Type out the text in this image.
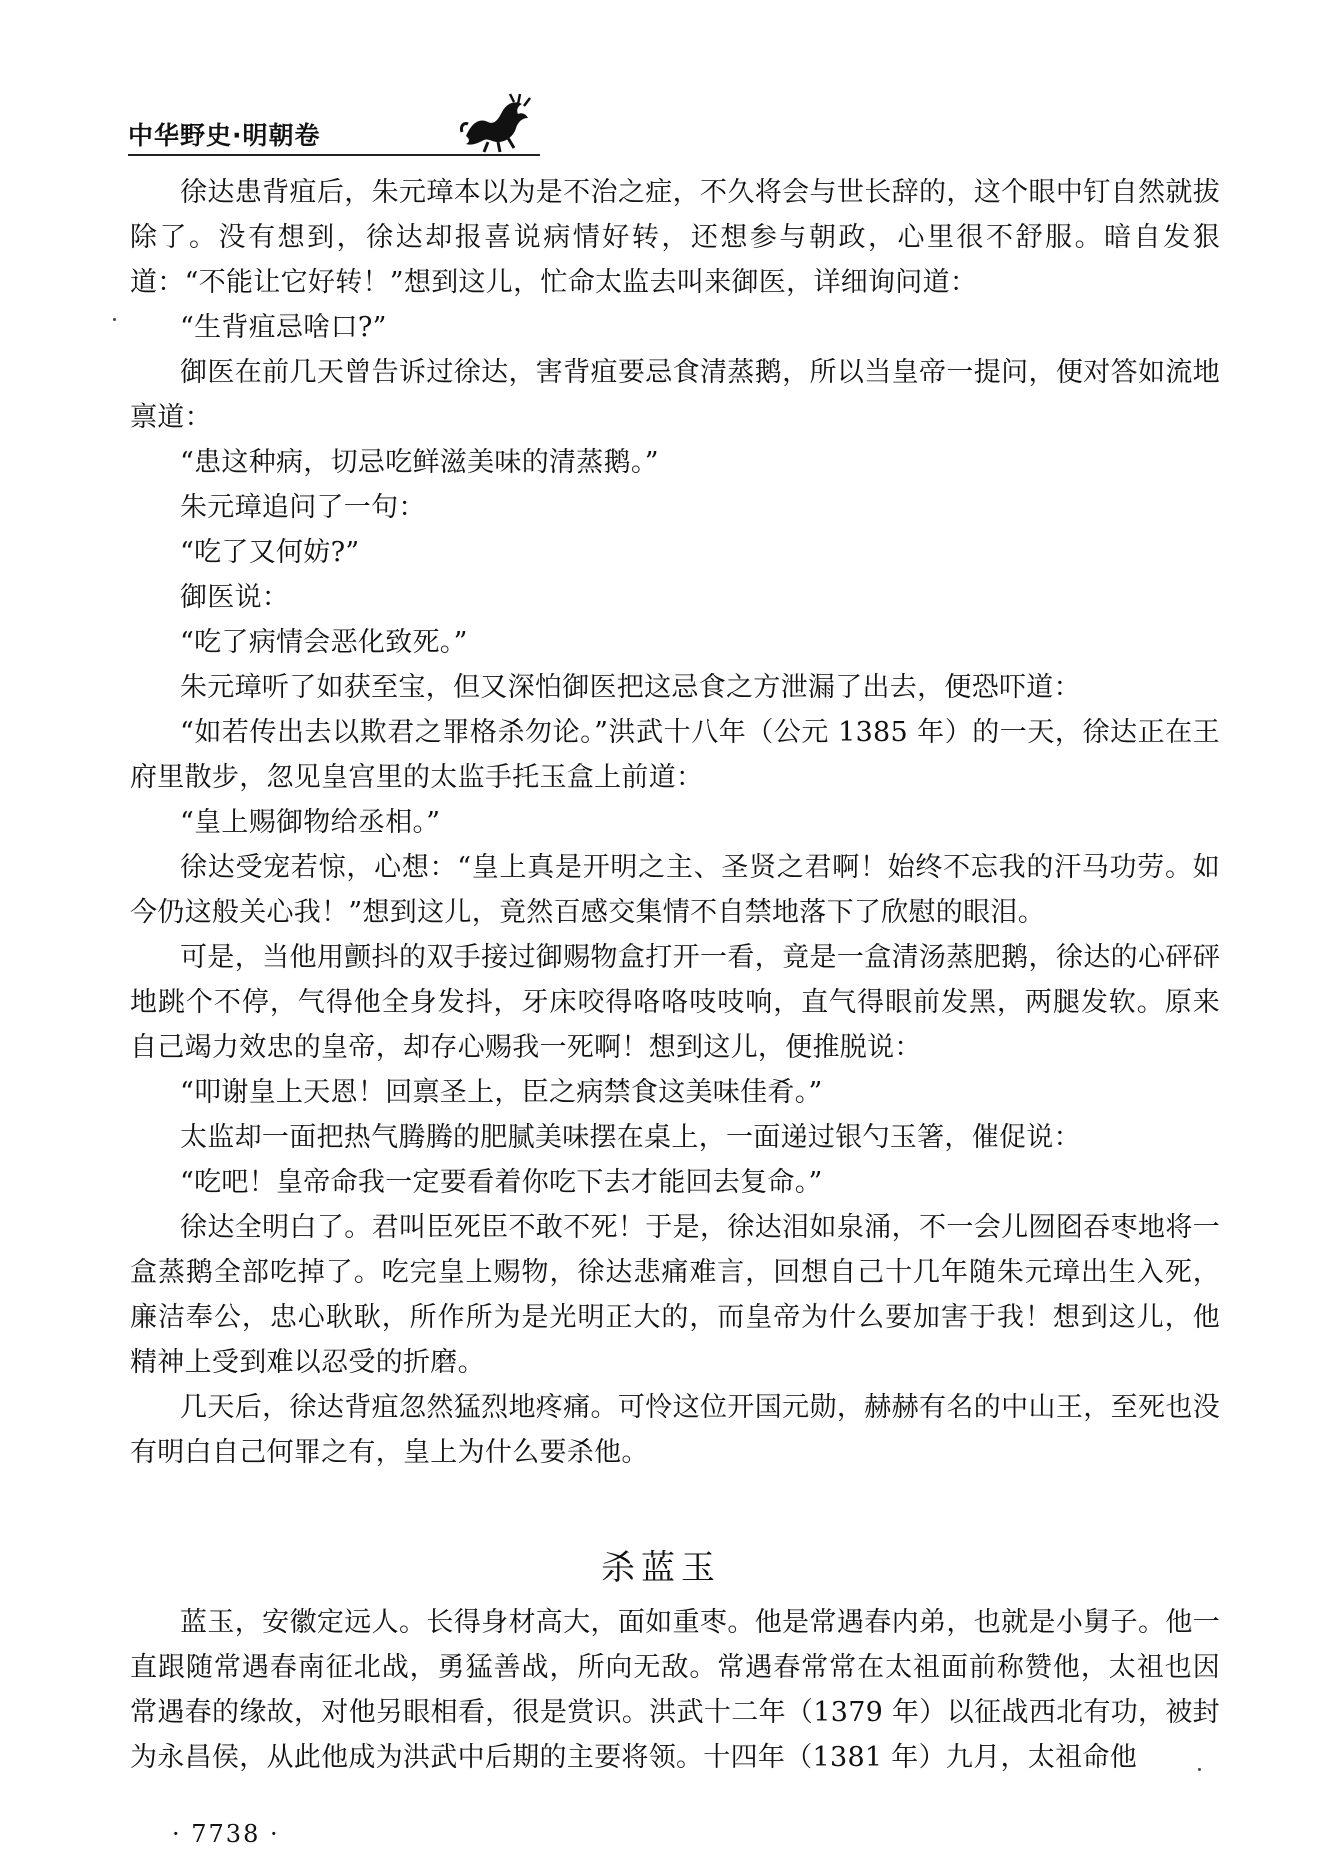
中华野史·明朝卷

徐达患背疽后，朱元璋本以为是不治之症，不久将会与世长辞的，这个眼中钉自然就拔除了。没有想到，徐达却报喜说病情好转，还想参与朝政，心里很不舒服。暗自发狠道：“不能让它好转！”想到这儿，忙命太监去叫来御医，详细询问道：

“生背疽忌啥口?”

御医在前几天曾告诉过徐达，害背疽要忌食清蒸鹅，所以当皇帝一提问，便对答如流地禀道：

“患这种病，切忌吃鲜滋美味的清蒸鹅。”

朱元璋追问了一句：

“吃了又何妨?”

御医说：

“吃了病情会恶化致死。”

朱元璋听了如获至宝，但又深怕御医把这忌食之方泄漏了出去，便恐吓道：

“如若传出去以欺君之罪格杀勿论。”洪武十八年（公元 1385 年）的一天，徐达正在王府里散步，忽见皇宫里的太监手托玉盒上前道：

“皇上赐御物给丞相。”

徐达受宠若惊，心想：“皇上真是开明之主、圣贤之君啊！始终不忘我的汗马功劳。如今仍这般关心我！”想到这儿，竟然百感交集情不自禁地落下了欣慰的眼泪。

可是，当他用颤抖的双手接过御赐物盒打开一看，竟是一盒清汤蒸肥鹅，徐达的心砰砰地跳个不停，气得他全身发抖，牙床咬得咯咯吱吱响，直气得眼前发黑，两腿发软。原来自己竭力效忠的皇帝，却存心赐我一死啊！想到这儿，便推脱说：

“叩谢皇上天恩！回禀圣上，臣之病禁食这美味佳肴。”

太监却一面把热气腾腾的肥腻美味摆在桌上，一面递过银勺玉箸，催促说：

“吃吧！皇帝命我一定要看着你吃下去才能回去复命。”

徐达全明白了。君叫臣死臣不敢不死！于是，徐达泪如泉涌，不一会儿囫囵吞枣地将一盒蒸鹅全部吃掉了。吃完皇上赐物，徐达悲痛难言，回想自己十几年随朱元璋出生入死，廉洁奉公，忠心耿耿，所作所为是光明正大的，而皇帝为什么要加害于我！想到这儿，他精神上受到难以忍受的折磨。

几天后，徐达背疽忽然猛烈地疼痛。可怜这位开国元勋，赫赫有名的中山王，至死也没有明白自己何罪之有，皇上为什么要杀他。

杀蓝玉

蓝玉，安徽定远人。长得身材高大，面如重枣。他是常遇春内弟，也就是小舅子。他一直跟随常遇春南征北战，勇猛善战，所向无敌。常遇春常常在太祖面前称赞他，太祖也因常遇春的缘故，对他另眼相看，很是赏识。洪武十二年（1379 年）以征战西北有功，被封为永昌侯，从此他成为洪武中后期的主要将领。十四年（1381 年）九月，太祖命他

· 7738 ·
